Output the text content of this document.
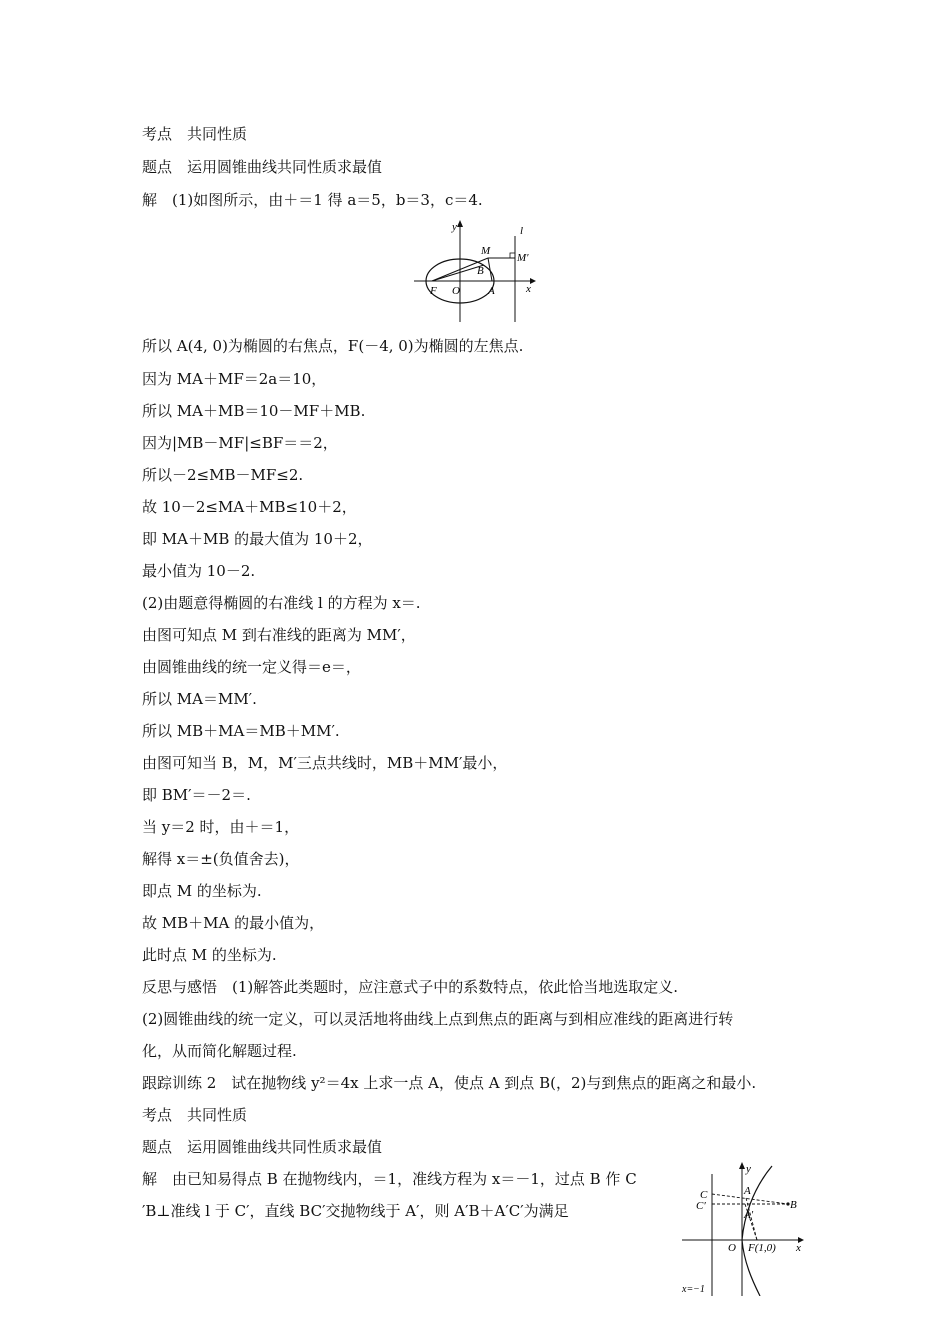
考点　共同性质
题点　运用圆锥曲线共同性质求最值
解　(1)如图所示，由＋＝1 得 a＝5，b＝3，c＝4.
所以 A(4, 0)为椭圆的右焦点，F(－4, 0)为椭圆的左焦点.
因为 MA＋MF＝2a＝10，
所以 MA＋MB＝10－MF＋MB.
因为|MB－MF|≤BF＝＝2，
所以－2≤MB－MF≤2.
故 10－2≤MA＋MB≤10＋2，
即 MA＋MB 的最大值为 10＋2，
最小值为 10－2.
(2)由题意得椭圆的右准线 l 的方程为 x＝.
由图可知点 M 到右准线的距离为 MM′，
由圆锥曲线的统一定义得＝e＝，
所以 MA＝MM′.
所以 MB＋MA＝MB＋MM′.
由图可知当 B，M，M′三点共线时，MB＋MM′最小，
即 BM′＝－2＝.
当 y＝2 时，由＋＝1，
解得 x＝±(负值舍去)，
即点 M 的坐标为.
故 MB＋MA 的最小值为，
此时点 M 的坐标为.
反思与感悟　(1)解答此类题时，应注意式子中的系数特点，依此恰当地选取定义.
(2)圆锥曲线的统一定义，可以灵活地将曲线上点到焦点的距离与到相应准线的距离进行转
化，从而简化解题过程.
跟踪训练 2　试在抛物线 y²＝4x 上求一点 A，使点 A 到点 B(，2)与到焦点的距离之和最小.
考点　共同性质
题点　运用圆锥曲线共同性质求最值
解　由已知易得点 B 在抛物线内，＝1，准线方程为 x＝－1，过点 B 作 C
′B⊥准线 l 于 C′，直线 BC′交抛物线于 A′，则 A′B＋A′C′为满足
y	l
M
M′
B
F O	A	x
y
C
C′
A
A′
B
O F(1,0) x
x=−1
